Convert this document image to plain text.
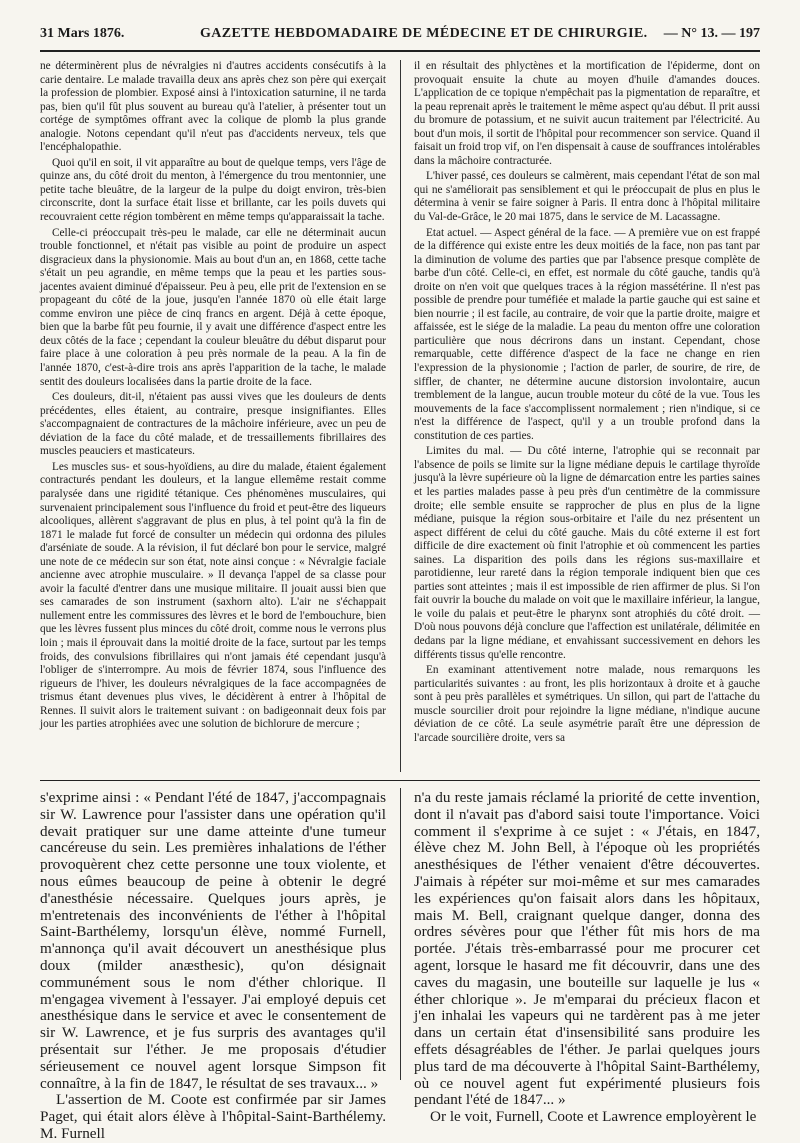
31 Mars 1876.	GAZETTE HEBDOMADAIRE DE MÉDECINE ET DE CHIRURGIE. — N° 13. — 197

ne déterminèrent plus de névralgies ni d'autres accidents consécutifs à la carie dentaire. Le malade travailla deux ans après chez son père qui exerçait la profession de plombier. Exposé ainsi à l'intoxication saturnine, il ne tarda pas, bien qu'il fût plus souvent au bureau qu'à l'atelier, à présenter tout un cortége de symptômes offrant avec la colique de plomb la plus grande analogie. Notons cependant qu'il n'eut pas d'accidents nerveux, tels que l'encéphalopathie.

Quoi qu'il en soit, il vit apparaître au bout de quelque temps, vers l'âge de quinze ans, du côté droit du menton, à l'émergence du trou mentonnier, une petite tache bleuâtre, de la largeur de la pulpe du doigt environ, très-bien circonscrite, dont la surface était lisse et brillante, car les poils duvets qui recouvraient cette région tombèrent en même temps qu'apparaissait la tache.

Celle-ci préoccupait très-peu le malade, car elle ne déterminait aucun trouble fonctionnel, et n'était pas visible au point de produire un aspect disgracieux dans la physionomie. Mais au bout d'un an, en 1868, cette tache s'était un peu agrandie, en même temps que la peau et les parties sous-jacentes avaient diminué d'épaisseur. Peu à peu, elle prit de l'extension en se propageant du côté de la joue, jusqu'en l'année 1870 où elle était large comme environ une pièce de cinq francs en argent. Déjà à cette époque, bien que la barbe fût peu fournie, il y avait une différence d'aspect entre les deux côtés de la face ; cependant la couleur bleuâtre du début disparut pour faire place à une coloration à peu près normale de la peau. A la fin de l'année 1870, c'est-à-dire trois ans après l'apparition de la tache, le malade sentit des douleurs localisées dans la partie droite de la face.

Ces douleurs, dit-il, n'étaient pas aussi vives que les douleurs de dents précédentes, elles étaient, au contraire, presque insignifiantes. Elles s'accompagnaient de contractures de la mâchoire inférieure, avec un peu de déviation de la face du côté malade, et de tressaillements fibrillaires des muscles peauciers et masticateurs.

Les muscles sus- et sous-hyoïdiens, au dire du malade, étaient également contracturés pendant les douleurs, et la langue ellemême restait comme paralysée dans une rigidité tétanique. Ces phénomènes musculaires, qui survenaient principalement sous l'influence du froid et peut-être des liqueurs alcooliques, allèrent s'aggravant de plus en plus, à tel point qu'à la fin de 1871 le malade fut forcé de consulter un médecin qui ordonna des pilules d'arséniate de soude. A la révision, il fut déclaré bon pour le service, malgré une note de ce médecin sur son état, note ainsi conçue : « Névralgie faciale ancienne avec atrophie musculaire. » Il devança l'appel de sa classe pour avoir la faculté d'entrer dans une musique militaire. Il jouait aussi bien que ses camarades de son instrument (saxhorn alto). L'air ne s'échappait nullement entre les commissures des lèvres et le bord de l'embouchure, bien que les lèvres fussent plus minces du côté droit, comme nous le verrons plus loin ; mais il éprouvait dans la moitié droite de la face, surtout par les temps froids, des convulsions fibrillaires qui n'ont jamais été cependant jusqu'à l'obliger de s'interrompre. Au mois de février 1874, sous l'influence des rigueurs de l'hiver, les douleurs névralgiques de la face accompagnées de trismus étant devenues plus vives, le décidèrent à entrer à l'hôpital de Rennes. Il suivit alors le traitement suivant : on badigeonnait deux fois par jour les parties atrophiées avec une solution de bichlorure de mercure ;

il en résultait des phlyctènes et la mortification de l'épiderme, dont on provoquait ensuite la chute au moyen d'huile d'amandes douces. L'application de ce topique n'empêchait pas la pigmentation de reparaître, et la peau reprenait après le traitement le même aspect qu'au début. Il prit aussi du bromure de potassium, et ne suivit aucun traitement par l'électricité. Au bout d'un mois, il sortit de l'hôpital pour recommencer son service. Quand il faisait un froid trop vif, on l'en dispensait à cause de souffrances intolérables dans la mâchoire contracturée.

L'hiver passé, ces douleurs se calmèrent, mais cependant l'état de son mal qui ne s'améliorait pas sensiblement et qui le préoccupait de plus en plus le détermina à venir se faire soigner à Paris. Il entra donc à l'hôpital militaire du Val-de-Grâce, le 20 mai 1875, dans le service de M. Lacassagne.

Etat actuel. — Aspect général de la face. — A première vue on est frappé de la différence qui existe entre les deux moitiés de la face, non pas tant par la diminution de volume des parties que par l'absence presque complète de barbe d'un côté. Celle-ci, en effet, est normale du côté gauche, tandis qu'à droite on n'en voit que quelques traces à la région massétérine. Il n'est pas possible de prendre pour tuméfiée et malade la partie gauche qui est saine et bien nourrie ; il est facile, au contraire, de voir que la partie droite, maigre et affaissée, est le siége de la maladie. La peau du menton offre une coloration particulière que nous décrirons dans un instant. Cependant, chose remarquable, cette différence d'aspect de la face ne change en rien l'expression de la physionomie ; l'action de parler, de sourire, de rire, de siffler, de chanter, ne détermine aucune distorsion involontaire, aucun tremblement de la langue, aucun trouble moteur du côté de la vue. Tous les mouvements de la face s'accomplissent normalement ; rien n'indique, si ce n'est la différence de l'aspect, qu'il y a un trouble profond dans la constitution de ces parties.

Limites du mal. — Du côté interne, l'atrophie qui se reconnait par l'absence de poils se limite sur la ligne médiane depuis le cartilage thyroïde jusqu'à la lèvre supérieure où la ligne de démarcation entre les parties saines et les parties malades passe à peu près d'un centimètre de la commissure droite; elle semble ensuite se rapprocher de plus en plus de la ligne médiane, puisque la région sous-orbitaire et l'aile du nez présentent un aspect différent de celui du côté gauche. Mais du côté externe il est fort difficile de dire exactement où finit l'atrophie et où commencent les parties saines. La disparition des poils dans les régions sus-maxillaire et parotidienne, leur rareté dans la région temporale indiquent bien que ces parties sont atteintes ; mais il est impossible de rien affirmer de plus. Si l'on fait ouvrir la bouche du malade on voit que le maxillaire inférieur, la langue, le voile du palais et peut-être le pharynx sont atrophiés du côté droit. — D'où nous pouvons déjà conclure que l'affection est unilatérale, délimitée en dedans par la ligne médiane, et envahissant successivement en dehors les différents tissus qu'elle rencontre.

En examinant attentivement notre malade, nous remarquons les particularités suivantes : au front, les plis horizontaux à droite et à gauche sont à peu près parallèles et symétriques. Un sillon, qui part de l'attache du muscle sourcilier droit pour rejoindre la ligne médiane, n'indique aucune déviation de ce côté. La seule asymétrie paraît être une dépression de l'arcade sourcilière droite, vers sa

s'exprime ainsi : « Pendant l'été de 1847, j'accompagnais sir W. Lawrence pour l'assister dans une opération qu'il devait pratiquer sur une dame atteinte d'une tumeur cancéreuse du sein. Les premières inhalations de l'éther provoquèrent chez cette personne une toux violente, et nous eûmes beaucoup de peine à obtenir le degré d'anesthésie nécessaire. Quelques jours après, je m'entretenais des inconvénients de l'éther à l'hôpital Saint-Barthélemy, lorsqu'un élève, nommé Furnell, m'annonça qu'il avait découvert un anesthésique plus doux (milder anæsthesic), qu'on désignait communément sous le nom d'éther chlorique. Il m'engagea vivement à l'essayer. J'ai employé depuis cet anesthésique dans le service et avec le consentement de sir W. Lawrence, et je fus surpris des avantages qu'il présentait sur l'éther. Je me proposais d'étudier sérieusement ce nouvel agent lorsque Simpson fit connaître, à la fin de 1847, le résultat de ses travaux... »

L'assertion de M. Coote est confirmée par sir James Paget, qui était alors élève à l'hôpital-Saint-Barthélemy. M. Furnell

n'a du reste jamais réclamé la priorité de cette invention, dont il n'avait pas d'abord saisi toute l'importance. Voici comment il s'exprime à ce sujet : « J'étais, en 1847, élève chez M. John Bell, à l'époque où les propriétés anesthésiques de l'éther venaient d'être découvertes. J'aimais à répéter sur moi-même et sur mes camarades les expériences qu'on faisait alors dans les hôpitaux, mais M. Bell, craignant quelque danger, donna des ordres sévères pour que l'éther fût mis hors de ma portée. J'étais très-embarrassé pour me procurer cet agent, lorsque le hasard me fit découvrir, dans une des caves du magasin, une bouteille sur laquelle je lus « éther chlorique ». Je m'emparai du précieux flacon et j'en inhalai les vapeurs qui ne tardèrent pas à me jeter dans un certain état d'insensibilité sans produire les effets désagréables de l'éther. Je parlai quelques jours plus tard de ma découverte à l'hôpital Saint-Barthélemy, où ce nouvel agent fut expérimenté plusieurs fois pendant l'été de 1847... »

Or le voit, Furnell, Coote et Lawrence employèrent le
